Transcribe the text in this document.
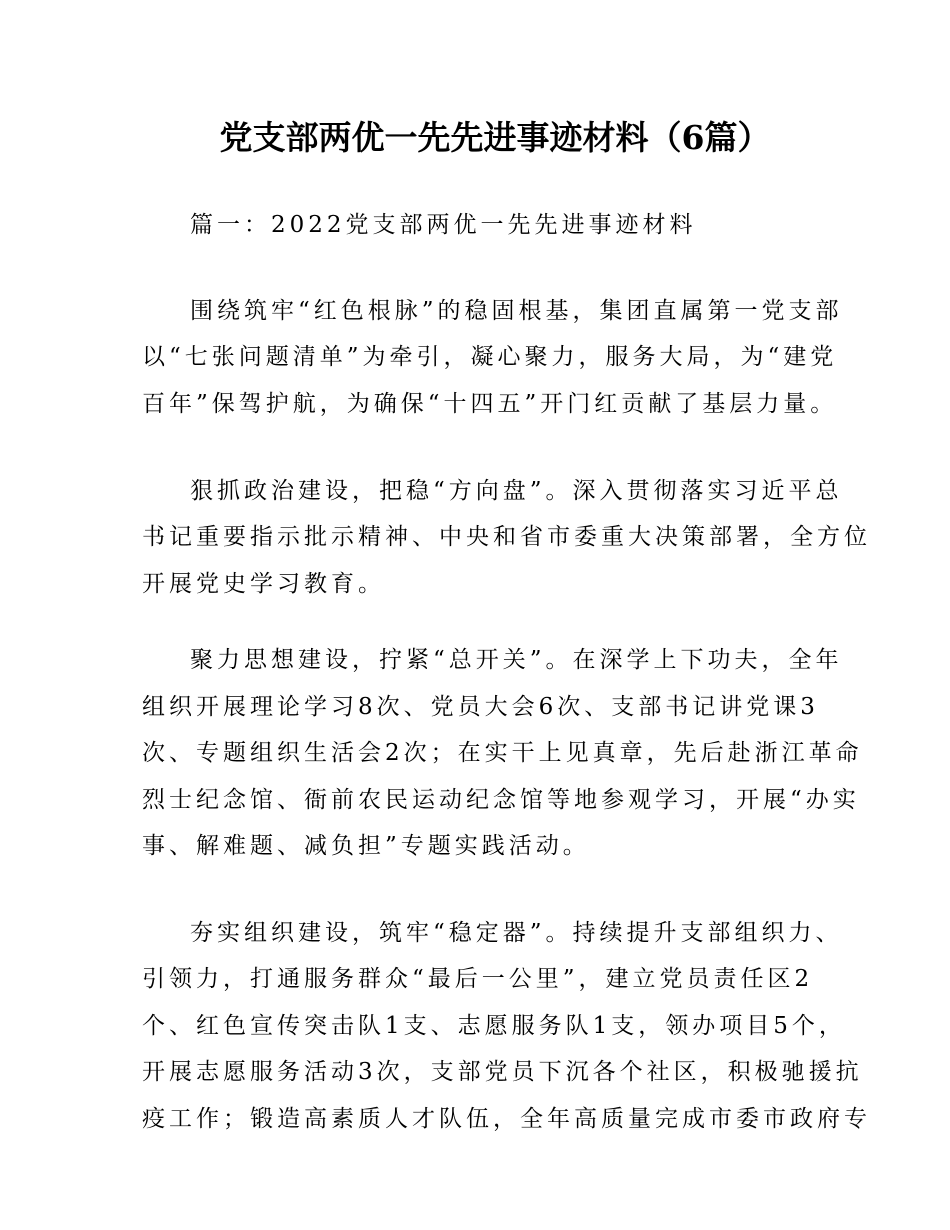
党支部两优一先先进事迹材料（6篇）
篇一：2022党支部两优一先先进事迹材料
围绕筑牢“红色根脉”的稳固根基，集团直属第一党支部
以“七张问题清单”为牵引，凝心聚力，服务大局，为“建党
百年”保驾护航，为确保“十四五”开门红贡献了基层力量。
狠抓政治建设，把稳“方向盘”。深入贯彻落实习近平总
书记重要指示批示精神、中央和省市委重大决策部署，全方位
开展党史学习教育。
聚力思想建设，拧紧“总开关”。在深学上下功夫，全年
组织开展理论学习8次、党员大会6次、支部书记讲党课3
次、专题组织生活会2次；在实干上见真章，先后赴浙江革命
烈士纪念馆、衙前农民运动纪念馆等地参观学习，开展“办实
事、解难题、减负担”专题实践活动。
夯实组织建设，筑牢“稳定器”。持续提升支部组织力、
引领力，打通服务群众“最后一公里”，建立党员责任区2
个、红色宣传突击队1支、志愿服务队1支，领办项目5个，
开展志愿服务活动3次，支部党员下沉各个社区，积极驰援抗
疫工作；锻造高素质人才队伍，全年高质量完成市委市政府专
